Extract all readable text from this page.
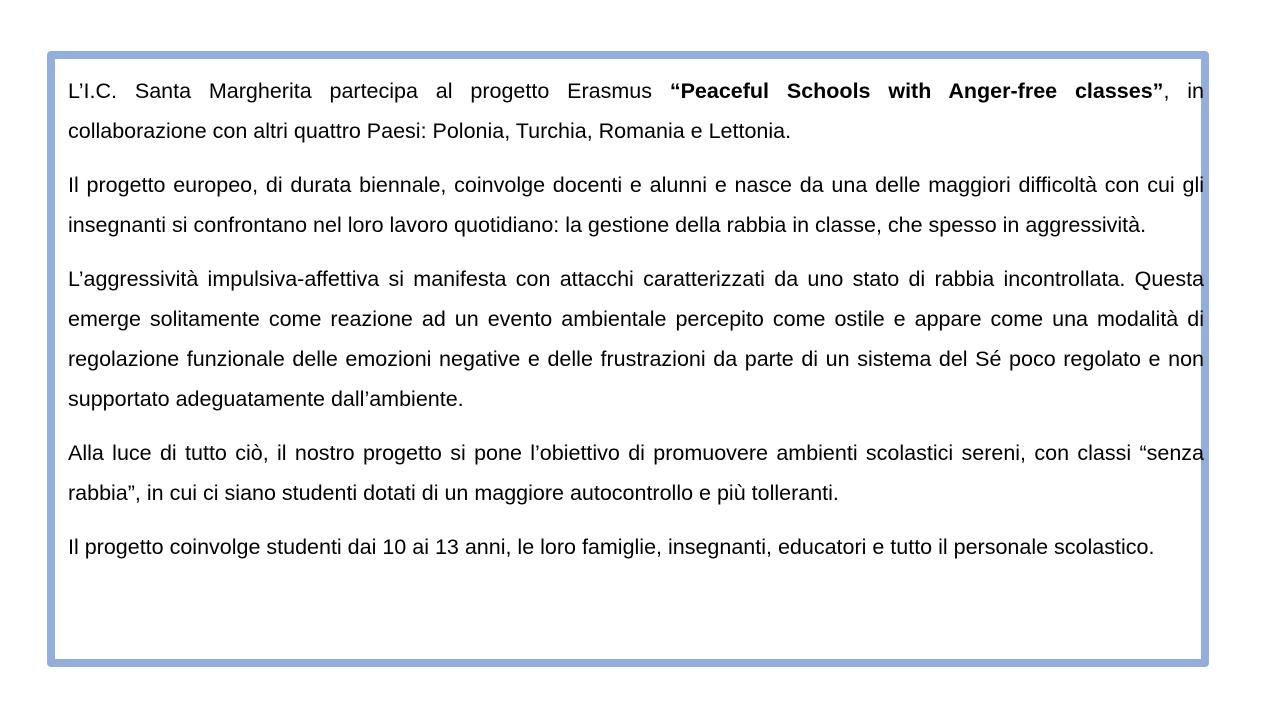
L’I.C. Santa Margherita partecipa al progetto Erasmus “Peaceful Schools with Anger-free classes”, in collaborazione con altri quattro Paesi: Polonia, Turchia, Romania e Lettonia.

Il progetto europeo, di durata biennale, coinvolge docenti e alunni e nasce da una delle maggiori difficoltà con cui gli insegnanti si confrontano nel loro lavoro quotidiano: la gestione della rabbia in classe, che spesso in aggressività.

L’aggressività impulsiva-affettiva si manifesta con attacchi caratterizzati da uno stato di rabbia incontrollata. Questa emerge solitamente come reazione ad un evento ambientale percepito come ostile e appare come una modalità di regolazione funzionale delle emozioni negative e delle frustrazioni da parte di un sistema del Sé poco regolato e non supportato adeguatamente dall’ambiente.

Alla luce di tutto ciò, il nostro progetto si pone l’obiettivo di promuovere ambienti scolastici sereni, con classi “senza rabbia”, in cui ci siano studenti dotati di un maggiore autocontrollo e più tolleranti.

Il progetto coinvolge studenti dai 10 ai 13 anni, le loro famiglie, insegnanti, educatori e tutto il personale scolastico.
